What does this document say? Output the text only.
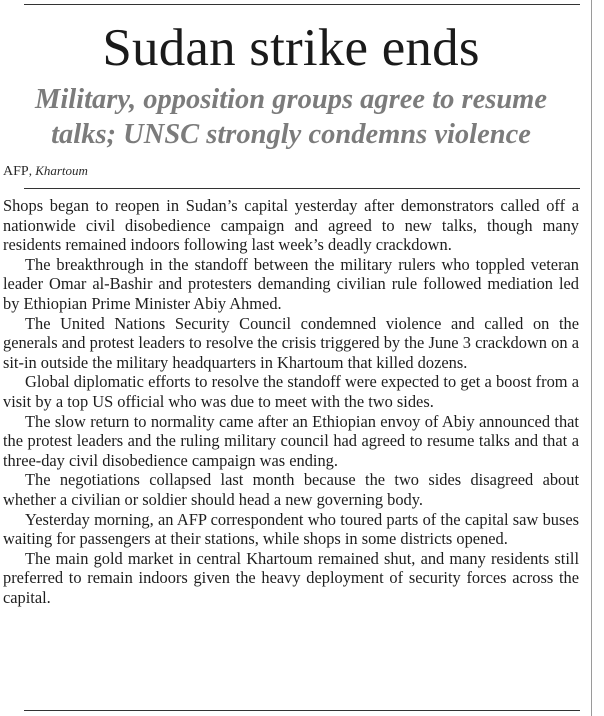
Sudan strike ends
Military, opposition groups agree to resume talks; UNSC strongly condemns violence
AFP, Khartoum

Shops began to reopen in Sudan’s capital yesterday after demonstrators called off a nationwide civil disobedience campaign and agreed to new talks, though many residents remained indoors following last week’s deadly crackdown.

The breakthrough in the standoff between the military rulers who toppled veteran leader Omar al-Bashir and protesters demanding civilian rule followed mediation led by Ethiopian Prime Minister Abiy Ahmed.

The United Nations Security Council condemned violence and called on the generals and protest leaders to resolve the crisis triggered by the June 3 crackdown on a sit-in outside the military headquarters in Khartoum that killed dozens.

Global diplomatic efforts to resolve the standoff were expected to get a boost from a visit by a top US official who was due to meet with the two sides.

The slow return to normality came after an Ethiopian envoy of Abiy announced that the protest leaders and the ruling military council had agreed to resume talks and that a three-day civil disobedience campaign was ending.

The negotiations collapsed last month because the two sides disagreed about whether a civilian or soldier should head a new governing body.

Yesterday morning, an AFP correspondent who toured parts of the capital saw buses waiting for passengers at their stations, while shops in some districts opened.

The main gold market in central Khartoum remained shut, and many residents still preferred to remain indoors given the heavy deployment of security forces across the capital.
